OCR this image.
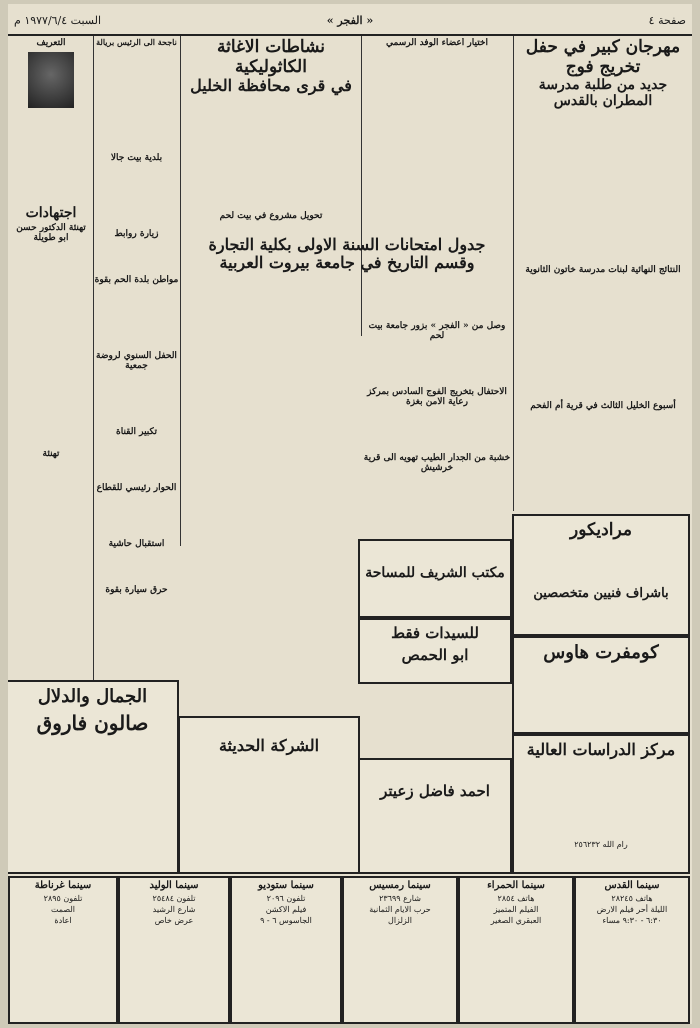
صفحة ٤
« الفجر »
السبت ١٩٧٧/٦/٤ م

مهرجان كبير في حفل تخريج فوج

جديد من طلبة مدرسة المطران بالقدس

النتائج النهائية لبنات مدرسة خاتون الثانوية

أسبوع الخليل الثالث في قرية أم الفحم

اختيار أعضاء الوفد الرسمي

وصل من « الفجر » بزور جامعة بيت لحم

الاحتفال بتخريج الفوج السادس بمركز رعاية الامن بغزة

خشبة من الجدار الطيب تهويه الى قرية خرشيش

نشاطات الاغاثة الكاثوليكية

في قرى محافظة الخليل

تحويل مشروع في بيت لحم

جدول امتحانات السنة الاولى بكلية التجارة

وقسم التاريخ في جامعة بيروت العربية

ناجحة الى الرئيس بريالة

بلدية بيت جالا

زيارة روابط

مواطن بلدة الحم بقوة

الحفل السنوي لروضة جمعية

تكبير القناة

الحوار رئيسي للقطاع

استقبال حاشية

حرق سيارة بقوة

التعريف

اجتهادات

تهنئة الدكتور حسن ابو طويلة

تهنئة

مراديكور

باشراف فنيين متخصصين

كومفرت هاوس

مركز الدراسات العالية

رام الله ٢٥٦٢٣٢

مكتب الشريف للمساحة

للسيدات فقط

ابو الحمص

احمد فاضل زعيتر

الشركة الحديثة

الجمال والدلال

صالون فاروق

سينما القدس

هاتف ٢٨٢٤٥

الليلة أحر فيلم الارض

٦:٣٠ - ٩:٣٠ مساء

سينما الحمراء

هاتف ٢٨٥٤

الفيلم المتميز

العبقري الصغير

سينما رمسيس

شارع ٢٣٦٩٩

حرب الايام الثمانية

الزلزال

سينما ستوديو

تلفون ٢٠٩٦

فيلم الاكشن

الجاسوس ٦ - ٩

سينما الوليد

تلفون ٢٥٤٨٤

شارع الرشيد

عرض خاص

سينما غرناطة

تلفون ٢٨٩٥

الصمت

اعادة
